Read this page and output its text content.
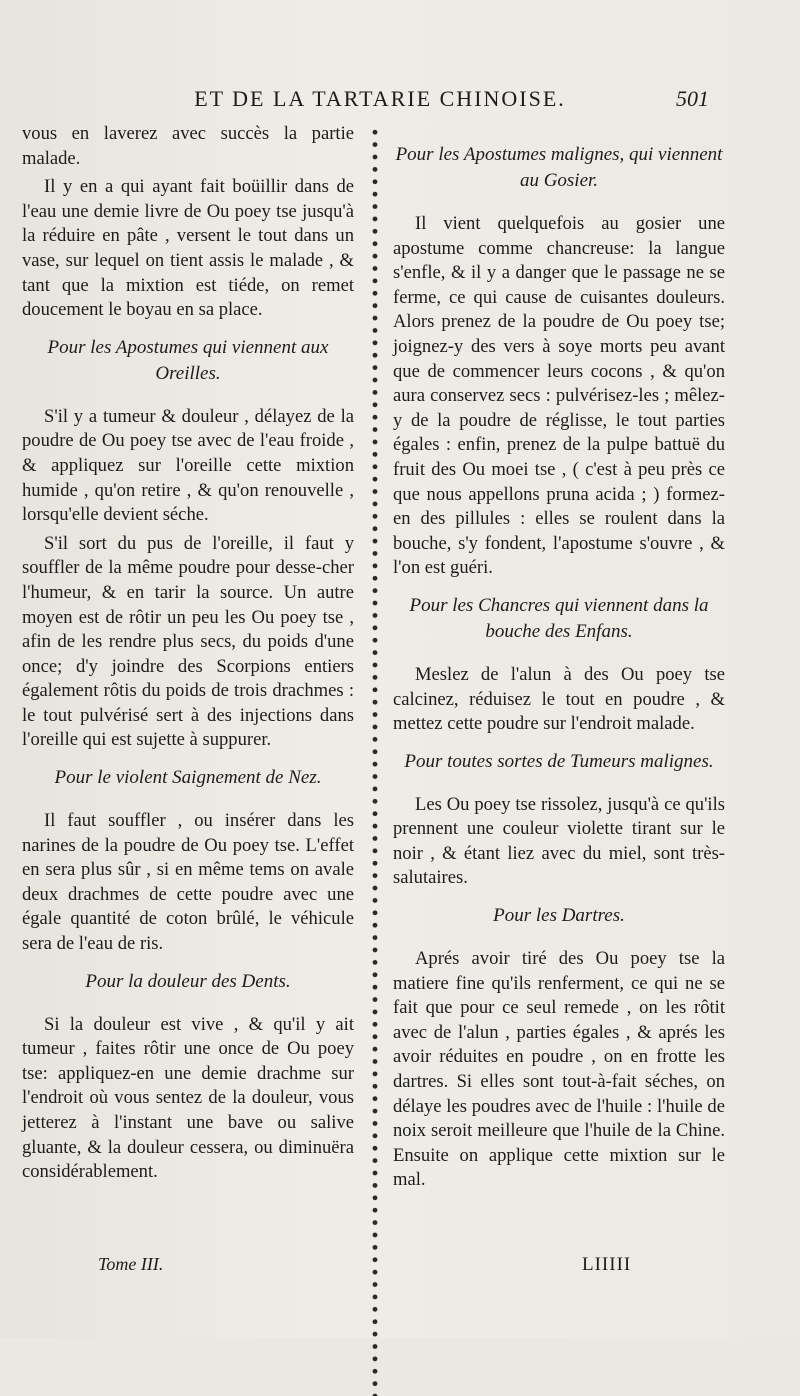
ET DE LA TARTARIE CHINOISE.	501

vous en laverez avec succès la partie malade.

Il y en a qui ayant fait boüillir dans de l'eau une demie livre de Ou poey tse jusqu'à la réduire en pâte , versent le tout dans un vase, sur lequel on tient assis le malade , & tant que la mixtion est tiéde, on remet doucement le boyau en sa place.

Pour les Apostumes qui viennent aux Oreilles.

S'il y a tumeur & douleur , délayez de la poudre de Ou poey tse avec de l'eau froide , & appliquez sur l'oreille cette mixtion humide , qu'on retire , & qu'on renouvelle , lorsqu'elle devient séche.

S'il sort du pus de l'oreille, il faut y souffler de la même poudre pour desse-cher l'humeur, & en tarir la source. Un autre moyen est de rôtir un peu les Ou poey tse , afin de les rendre plus secs, du poids d'une once; d'y joindre des Scorpions entiers également rôtis du poids de trois drachmes : le tout pulvérisé sert à des injections dans l'oreille qui est sujette à suppurer.

Pour le violent Saignement de Nez.

Il faut souffler , ou insérer dans les narines de la poudre de Ou poey tse. L'effet en sera plus sûr , si en même tems on avale deux drachmes de cette poudre avec une égale quantité de coton brûlé, le véhicule sera de l'eau de ris.

Pour la douleur des Dents.

Si la douleur est vive , & qu'il y ait tumeur , faites rôtir une once de Ou poey tse: appliquez-en une demie drachme sur l'endroit où vous sentez de la douleur, vous jetterez à l'instant une bave ou salive gluante, & la douleur cessera, ou diminuëra considérablement.

Pour les Apostumes malignes, qui viennent au Gosier.

Il vient quelquefois au gosier une apostume comme chancreuse: la langue s'enfle, & il y a danger que le passage ne se ferme, ce qui cause de cuisantes douleurs. Alors prenez de la poudre de Ou poey tse; joignez-y des vers à soye morts peu avant que de commencer leurs cocons , & qu'on aura conservez secs : pulvérisez-les ; mêlez-y de la poudre de réglisse, le tout parties égales : enfin, prenez de la pulpe battuë du fruit des Ou moei tse , ( c'est à peu près ce que nous appellons pruna acida ; ) formez-en des pillules : elles se roulent dans la bouche, s'y fondent, l'apostume s'ouvre , & l'on est guéri.

Pour les Chancres qui viennent dans la bouche des Enfans.

Meslez de l'alun à des Ou poey tse calcinez, réduisez le tout en poudre , & mettez cette poudre sur l'endroit malade.

Pour toutes sortes de Tumeurs malignes.

Les Ou poey tse rissolez, jusqu'à ce qu'ils prennent une couleur violette tirant sur le noir , & étant liez avec du miel, sont très-salutaires.

Pour les Dartres.

Aprés avoir tiré des Ou poey tse la matiere fine qu'ils renferment, ce qui ne se fait que pour ce seul remede , on les rôtit avec de l'alun , parties égales , & aprés les avoir réduites en poudre , on en frotte les dartres. Si elles sont tout-à-fait séches, on délaye les poudres avec de l'huile : l'huile de noix seroit meilleure que l'huile de la Chine. Ensuite on applique cette mixtion sur le mal.

Tome III.	LIIIII
